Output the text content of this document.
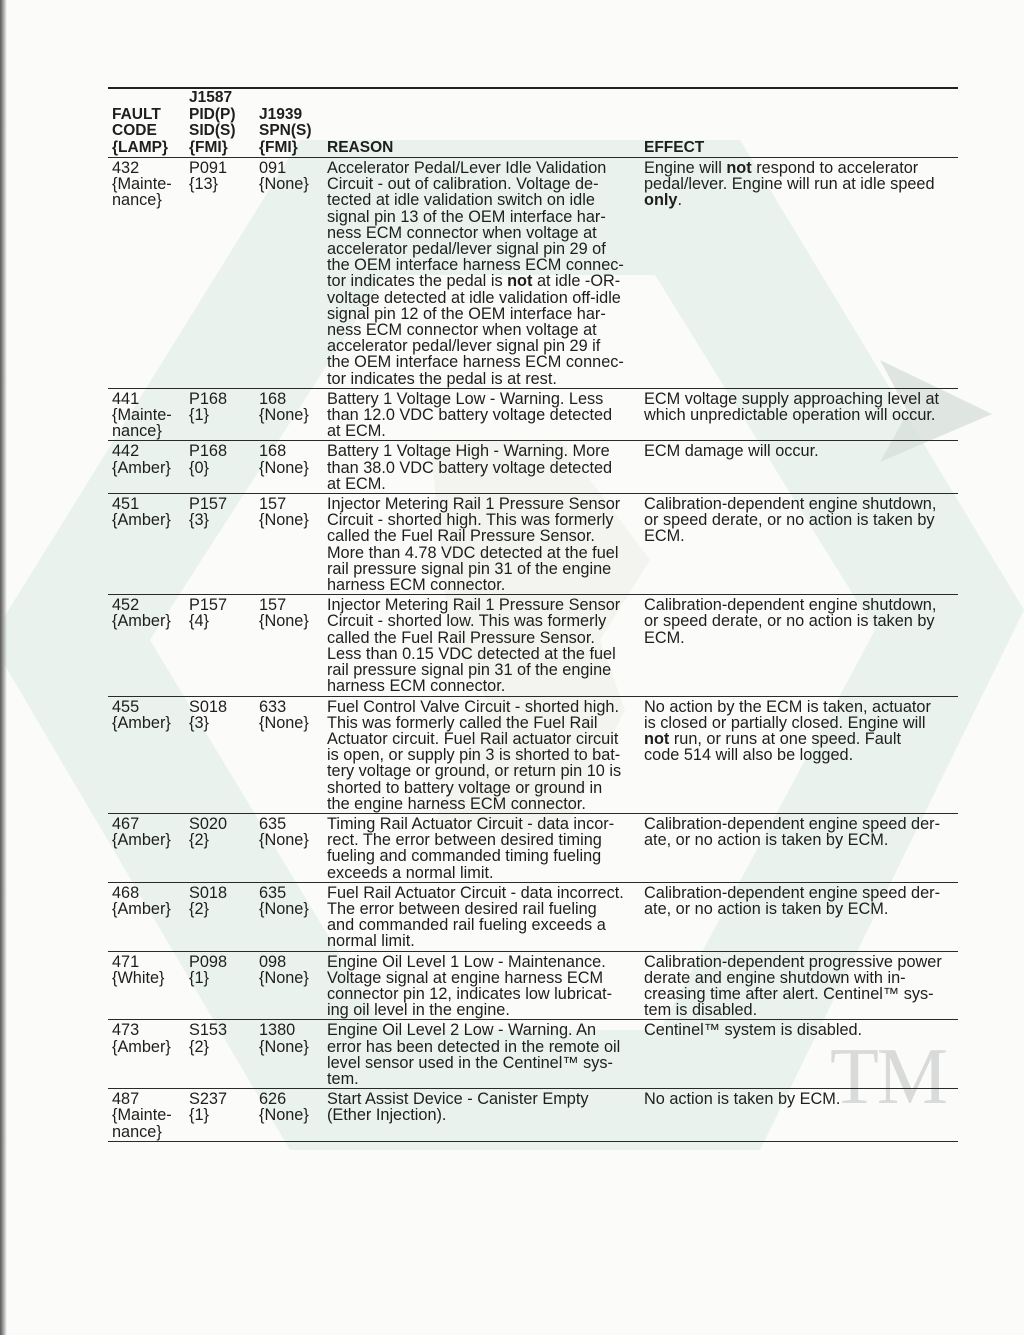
TM
FAULT
CODE
{LAMP}
J1587
PID(P)
SID(S)
{FMI}
J1939
SPN(S)
{FMI}	REASON	EFFECT
432
{Mainte-
nance}
P091
{13}
091
{None}
Accelerator Pedal/Lever Idle Validation
Circuit - out of calibration. Voltage de-
tected at idle validation switch on idle
signal pin 13 of the OEM interface har-
ness ECM connector when voltage at
accelerator pedal/lever signal pin 29 of
the OEM interface harness ECM connec-
tor indicates the pedal is not at idle -OR-
voltage detected at idle validation off-idle
signal pin 12 of the OEM interface har-
ness ECM connector when voltage at
accelerator pedal/lever signal pin 29 if
the OEM interface harness ECM connec-
tor indicates the pedal is at rest.
Engine will not respond to accelerator
pedal/lever. Engine will run at idle speed
only.
441
{Mainte-
nance}
P168
{1}
168
{None}
Battery 1 Voltage Low - Warning. Less
than 12.0 VDC battery voltage detected
at ECM.
ECM voltage supply approaching level at
which unpredictable operation will occur.
442
{Amber}
P168
{0}
168
{None}
Battery 1 Voltage High - Warning. More
than 38.0 VDC battery voltage detected
at ECM.
ECM damage will occur.
451
{Amber}
P157
{3}
157
{None}
Injector Metering Rail 1 Pressure Sensor
Circuit - shorted high. This was formerly
called the Fuel Rail Pressure Sensor.
More than 4.78 VDC detected at the fuel
rail pressure signal pin 31 of the engine
harness ECM connector.
Calibration-dependent engine shutdown,
or speed derate, or no action is taken by
ECM.
452
{Amber}
P157
{4}
157
{None}
Injector Metering Rail 1 Pressure Sensor
Circuit - shorted low. This was formerly
called the Fuel Rail Pressure Sensor.
Less than 0.15 VDC detected at the fuel
rail pressure signal pin 31 of the engine
harness ECM connector.
Calibration-dependent engine shutdown,
or speed derate, or no action is taken by
ECM.
455
{Amber}
S018
{3}
633
{None}
Fuel Control Valve Circuit - shorted high.
This was formerly called the Fuel Rail
Actuator circuit. Fuel Rail actuator circuit
is open, or supply pin 3 is shorted to bat-
tery voltage or ground, or return pin 10 is
shorted to battery voltage or ground in
the engine harness ECM connector.
No action by the ECM is taken, actuator
is closed or partially closed. Engine will
not run, or runs at one speed. Fault
code 514 will also be logged.
467
{Amber}
S020
{2}
635
{None}
Timing Rail Actuator Circuit - data incor-
rect. The error between desired timing
fueling and commanded timing fueling
exceeds a normal limit.
Calibration-dependent engine speed der-
ate, or no action is taken by ECM.
468
{Amber}
S018
{2}
635
{None}
Fuel Rail Actuator Circuit - data incorrect.
The error between desired rail fueling
and commanded rail fueling exceeds a
normal limit.
Calibration-dependent engine speed der-
ate, or no action is taken by ECM.
471
{White}
P098
{1}
098
{None}
Engine Oil Level 1 Low - Maintenance.
Voltage signal at engine harness ECM
connector pin 12, indicates low lubricat-
ing oil level in the engine.
Calibration-dependent progressive power
derate and engine shutdown with in-
creasing time after alert. Centinel™ sys-
tem is disabled.
473
{Amber}
S153
{2}
1380
{None}
Engine Oil Level 2 Low - Warning. An
error has been detected in the remote oil
level sensor used in the Centinel™ sys-
tem.
Centinel™ system is disabled.
487
{Mainte-
nance}
S237
{1}
626
{None}
Start Assist Device - Canister Empty
(Ether Injection).
No action is taken by ECM.
